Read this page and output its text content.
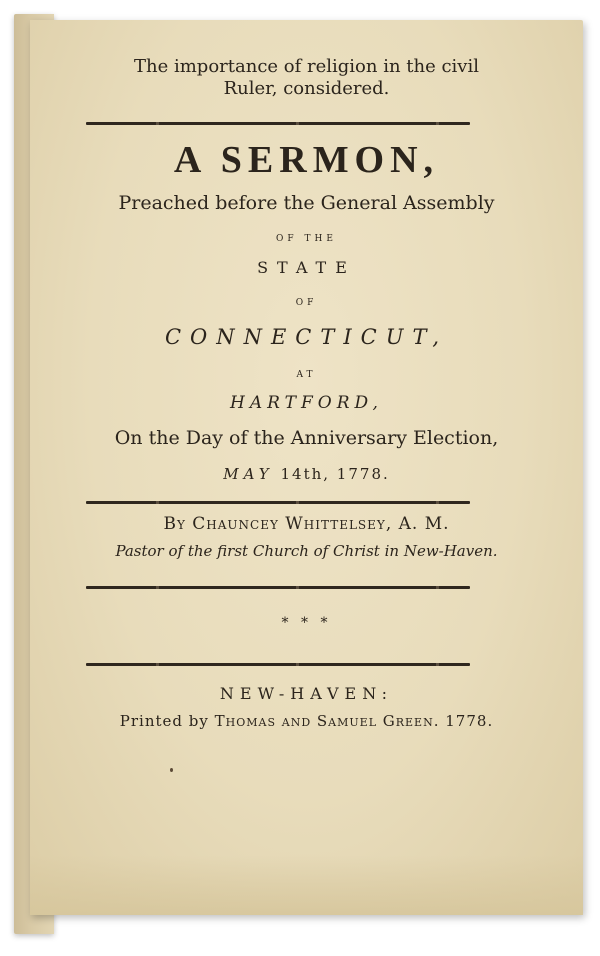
The importance of religion in the civil

Ruler, considered.

A SERMON,

Preached before the General Assembly

OF THE

STATE

OF

CONNECTICUT,

AT

HARTFORD,

On the Day of the Anniversary Election,

MAY 14th, 1778.

By Chauncey Whittelsey, A. M.

Pastor of the first Church of Christ in New-Haven.

* * *

NEW-HAVEN:

Printed by Thomas and Samuel Green. 1778.
